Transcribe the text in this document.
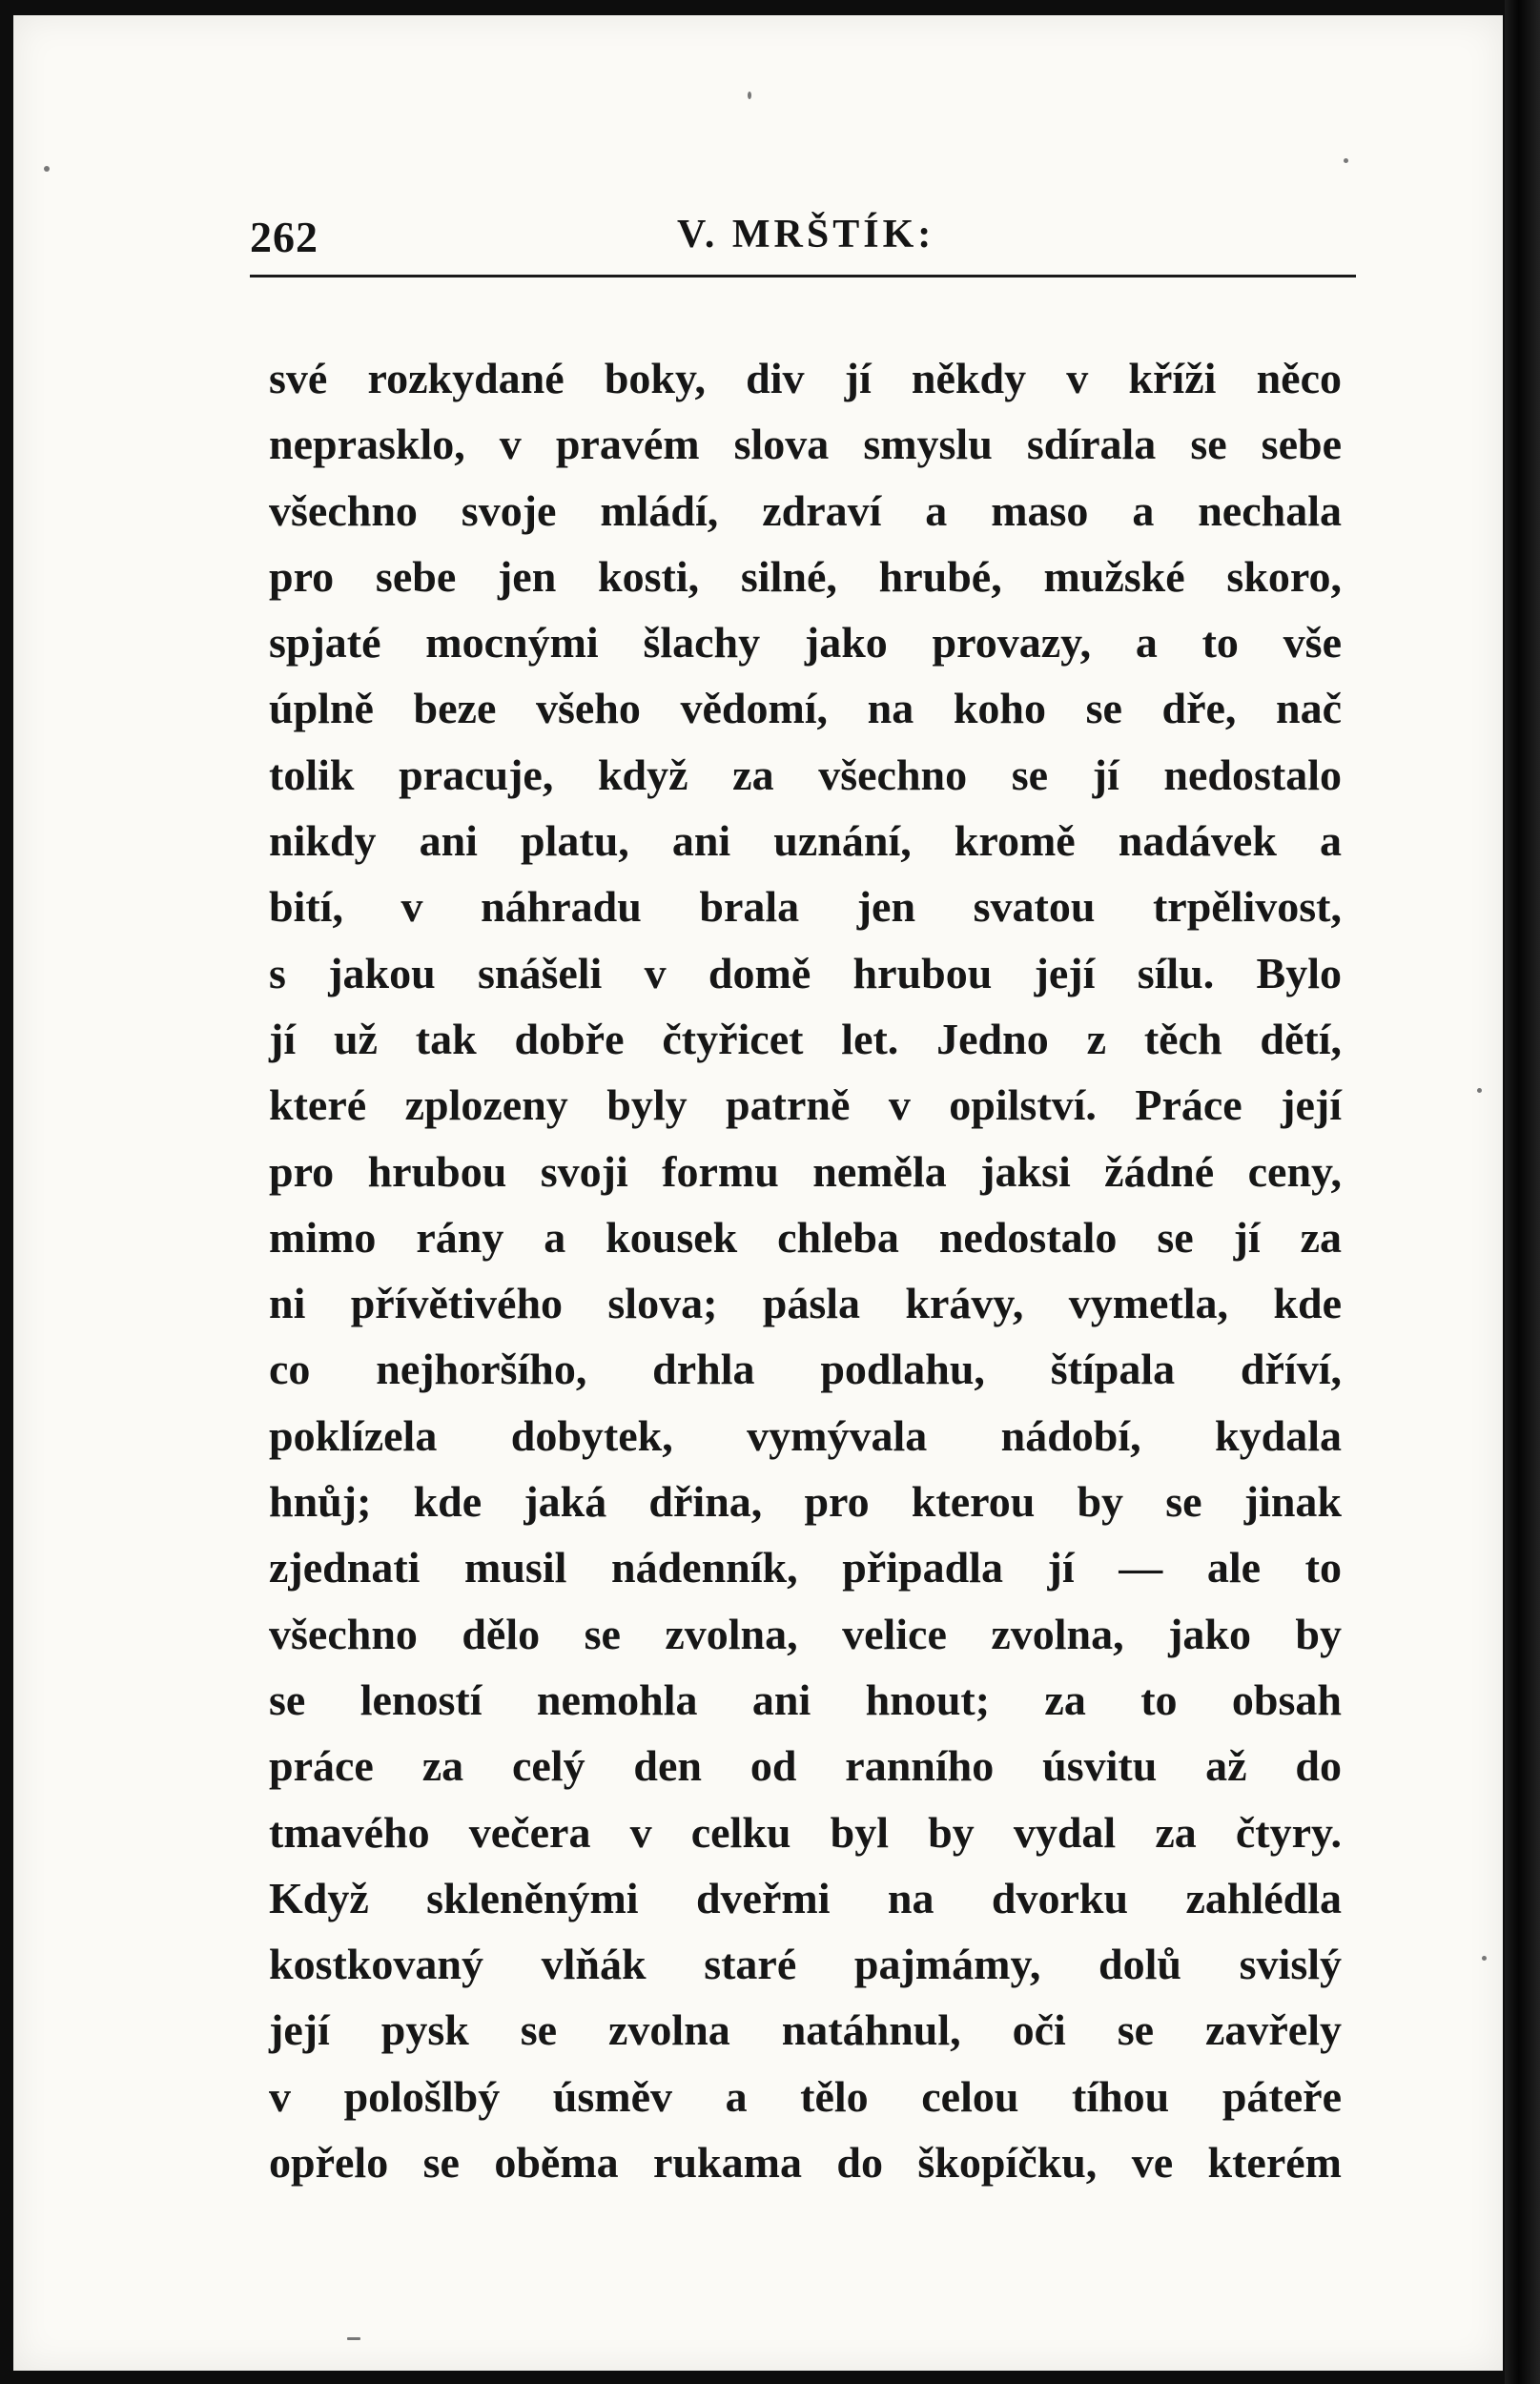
262	V. MRŠTÍK:
své rozkydané boky, div jí někdy v kříži něco
neprasklo, v pravém slova smyslu sdírala se sebe
všechno svoje mládí, zdraví a maso a nechala
pro sebe jen kosti, silné, hrubé, mužské skoro,
spjaté mocnými šlachy jako provazy, a to vše
úplně beze všeho vědomí, na koho se dře, nač
tolik pracuje, když za všechno se jí nedostalo
nikdy ani platu, ani uznání, kromě nadávek a
bití, v náhradu brala jen svatou trpělivost,
s jakou snášeli v domě hrubou její sílu. Bylo
jí už tak dobře čtyřicet let. Jedno z těch dětí,
které zplozeny byly patrně v opilství. Práce její
pro hrubou svoji formu neměla jaksi žádné ceny,
mimo rány a kousek chleba nedostalo se jí za
ni přívětivého slova; pásla krávy, vymetla, kde
co nejhoršího, drhla podlahu, štípala dříví,
poklízela dobytek, vymývala nádobí, kydala
hnůj; kde jaká dřina, pro kterou by se jinak
zjednati musil nádenník, připadla jí — ale to
všechno dělo se zvolna, velice zvolna, jako by
se leností nemohla ani hnout; za to obsah
práce za celý den od ranního úsvitu až do
tmavého večera v celku byl by vydal za čtyry.
Když skleněnými dveřmi na dvorku zahlédla
kostkovaný vlňák staré pajmámy, dolů svislý
její pysk se zvolna natáhnul, oči se zavřely
v pološlbý úsměv a tělo celou tíhou páteře
opřelo se oběma rukama do škopíčku, ve kterém
